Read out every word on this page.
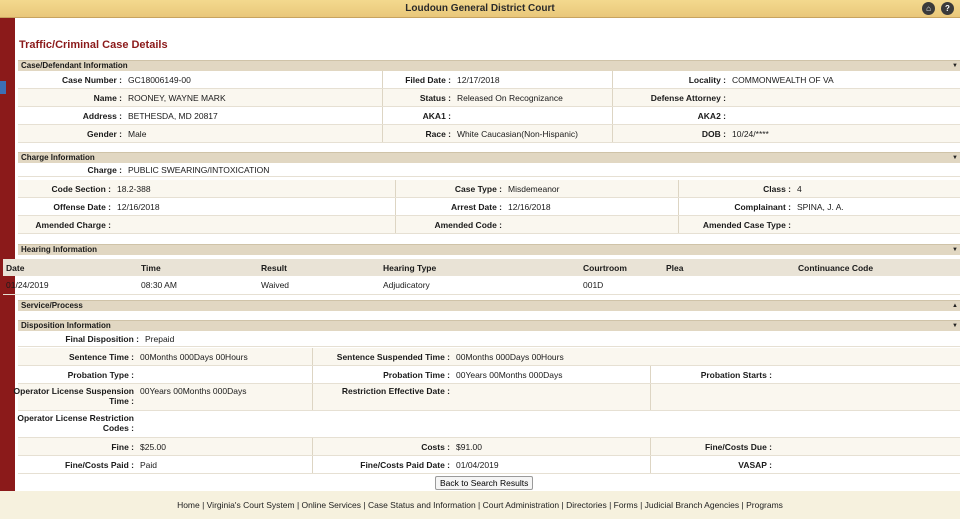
Loudoun General District Court	⌂	?
Traffic/Criminal Case Details
Case/Defendant Information	▼
Case Number : GC18006149-00	Filed Date : 12/17/2018	Locality : COMMONWEALTH OF VA
Name : ROONEY, WAYNE MARK	Status : Released On Recognizance	Defense Attorney :
Address : BETHESDA, MD 20817	AKA1 :	AKA2 :
Gender : Male	Race : White Caucasian(Non-Hispanic)	DOB : 10/24/****
Charge Information	▼
Charge : PUBLIC SWEARING/INTOXICATION
Code Section : 18.2-388	Case Type : Misdemeanor	Class : 4
Offense Date : 12/16/2018	Arrest Date : 12/16/2018	Complainant : SPINA, J. A.
Amended Charge :	Amended Code :	Amended Case Type :
Hearing Information	▼
Date	Time	Result	Hearing Type	Courtroom	Plea	Continuance Code
01/24/2019	08:30 AM	Waived	Adjudicatory	001D		
Service/Process	▲
Disposition Information	▼
Final Disposition : Prepaid
Sentence Time : 00Months 000Days 00Hours	Sentence Suspended Time : 00Months 000Days 00Hours
Probation Type :	Probation Time : 00Years 00Months 000Days	Probation Starts :
Operator License Suspension
Time :
00Years 00Months 000Days	Restriction Effective Date :
Operator License Restriction
Codes :
Fine : $25.00	Costs : $91.00	Fine/Costs Due :
Fine/Costs Paid : Paid	Fine/Costs Paid Date : 01/04/2019	VASAP :
Back to Search Results
Home | Virginia's Court System | Online Services | Case Status and Information | Court Administration | Directories | Forms | Judicial Branch Agencies | Programs
